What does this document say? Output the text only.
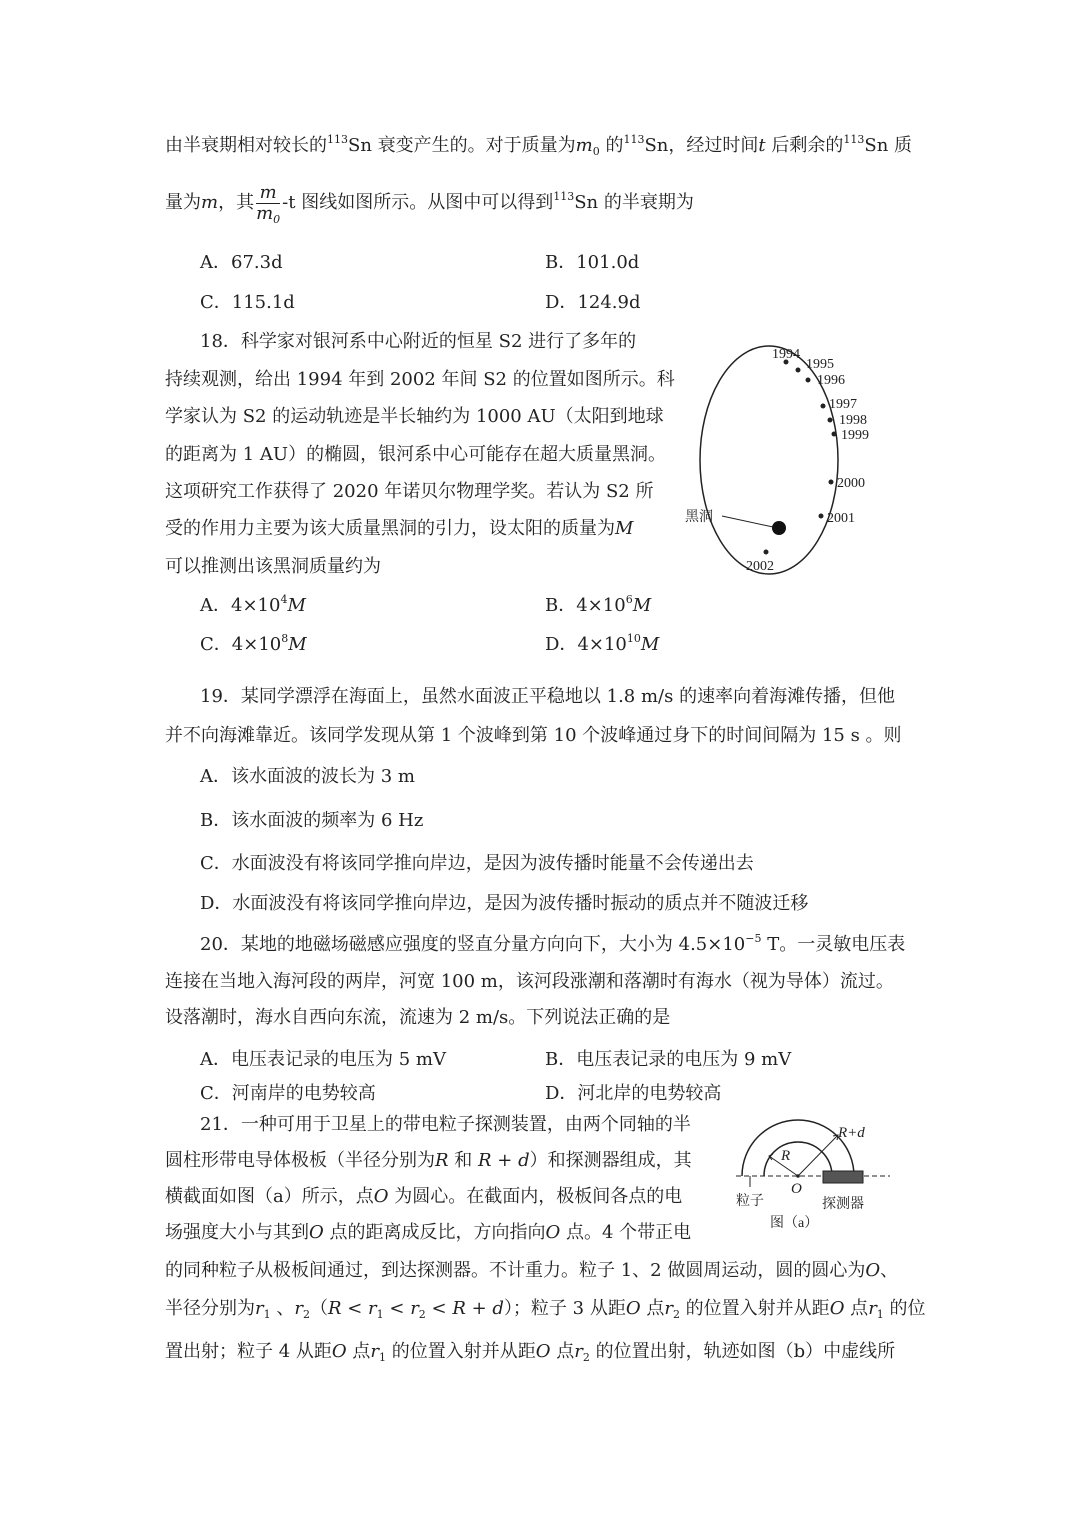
由半衰期相对较长的$^{113}$Sn 衰变产生的。对于质量为$m_0$ 的$^{113}$Sn，经过时间t 后剩余的$^{113}$Sn 质
量为m，其 $\frac{m}{m_0} -t$ 图线如图所示。从图中可以得到$^{113}$Sn 的半衰期为
A．67.3d	B．101.0d
C．115.1d	D．124.9d
18．科学家对银河系中心附近的恒星 S2 进行了多年的
持续观测，给出 1994 年到 2002 年间 S2 的位置如图所示。科
学家认为 S2 的运动轨迹是半长轴约为 1000 AU（太阳到地球
的距离为 1 AU）的椭圆，银河系中心可能存在超大质量黑洞。
这项研究工作获得了 2020 年诺贝尔物理学奖。若认为 S2 所
受的作用力主要为该大质量黑洞的引力，设太阳的质量为M
可以推测出该黑洞质量约为
1994
1995
1996
1997
1998
1999
2000
2001
2002
黑洞
A．$4\times 10^4M$	B．$4\times 10^6M$
C．$4\times 10^8M$	D．$4\times 10^{10}M$
19．某同学漂浮在海面上，虽然水面波正平稳地以 1.8 m/s 的速率向着海滩传播，但他
并不向海滩靠近。该同学发现从第 1 个波峰到第 10 个波峰通过身下的时间间隔为 15 s 。则
A．该水面波的波长为 3 m
B．该水面波的频率为 6 Hz
C．水面波没有将该同学推向岸边，是因为波传播时能量不会传递出去
D．水面波没有将该同学推向岸边，是因为波传播时振动的质点并不随波迁移
20．某地的地磁场磁感应强度的竖直分量方向向下，大小为 $4.5\times 10^{-5}$ T。一灵敏电压表
连接在当地入海河段的两岸，河宽 100 m，该河段涨潮和落潮时有海水（视为导体）流过。
设落潮时，海水自西向东流，流速为 2 m/s。下列说法正确的是
A．电压表记录的电压为 5 mV	B．电压表记录的电压为 9 mV
C．河南岸的电势较高	D．河北岸的电势较高
21．一种可用于卫星上的带电粒子探测装置，由两个同轴的半
圆柱形带电导体极板（半径分别为R 和 R + d）和探测器组成，其
横截面如图（a）所示，点O 为圆心。在截面内，极板间各点的电
场强度大小与其到O 点的距离成反比，方向指向O 点。4 个带正电
的同种粒子从极板间通过，到达探测器。不计重力。粒子 1、2 做圆周运动，圆的圆心为O、
半径分别为$r_1$ 、$r_2(R < r_1 < r_2 < R + d)$；粒子 3 从距O 点$r_2$ 的位置入射并从距O 点$r_1$ 的位
置出射；粒子 4 从距O 点$r_1$ 的位置入射并从距O 点$r_2$ 的位置出射，轨迹如图（b）中虚线所
R
R+d
O
粒子	探测器
图（a）
